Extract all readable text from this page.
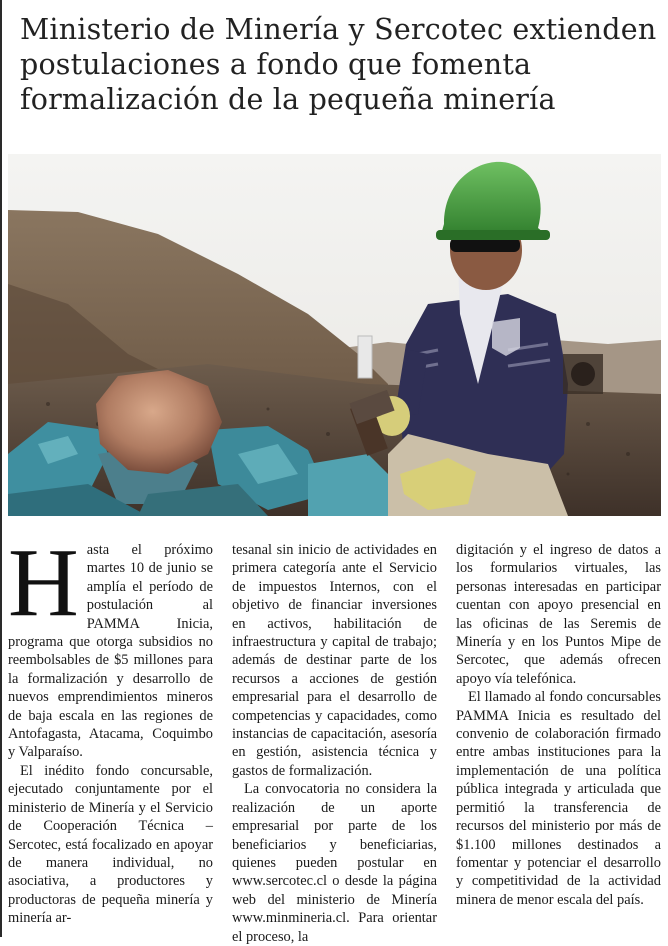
Ministerio de Minería y Sercotec extienden postulaciones a fondo que fomenta formalización de la pequeña minería

Hasta el próximo martes 10 de junio se amplía el período de postulación al PAMMA Inicia, programa que otorga subsidios no reembolsables de $5 millones para la formalización y desarrollo de nuevos emprendimientos mineros de baja escala en las regiones de Antofagasta, Atacama, Coquimbo y Valparaíso.

El inédito fondo concursable, ejecutado conjuntamente por el ministerio de Minería y el Servicio de Cooperación Técnica – Sercotec, está focalizado en apoyar de manera individual, no asociativa, a productores y productoras de pequeña minería y minería ar-

tesanal sin inicio de actividades en primera categoría ante el Servicio de impuestos Internos, con el objetivo de financiar inversiones en activos, habilitación de infraestructura y capital de trabajo; además de destinar parte de los recursos a acciones de gestión empresarial para el desarrollo de competencias y capacidades, como instancias de capacitación, asesoría en gestión, asistencia técnica y gastos de formalización.

La convocatoria no considera la realización de un aporte empresarial por parte de los beneficiarios y beneficiarias, quienes pueden postular en www.sercotec.cl o desde la página web del ministerio de Minería www.minmineria.cl. Para orientar el proceso, la

digitación y el ingreso de datos a los formularios virtuales, las personas interesadas en participar cuentan con apoyo presencial en las oficinas de las Seremis de Minería y en los Puntos Mipe de Sercotec, que además ofrecen apoyo vía telefónica.

El llamado al fondo concursables PAMMA Inicia es resultado del convenio de colaboración firmado entre ambas instituciones para la implementación de una política pública integrada y articulada que permitió la transferencia de recursos del ministerio por más de $1.100 millones destinados a fomentar y potenciar el desarrollo y competitividad de la actividad minera de menor escala del país.
